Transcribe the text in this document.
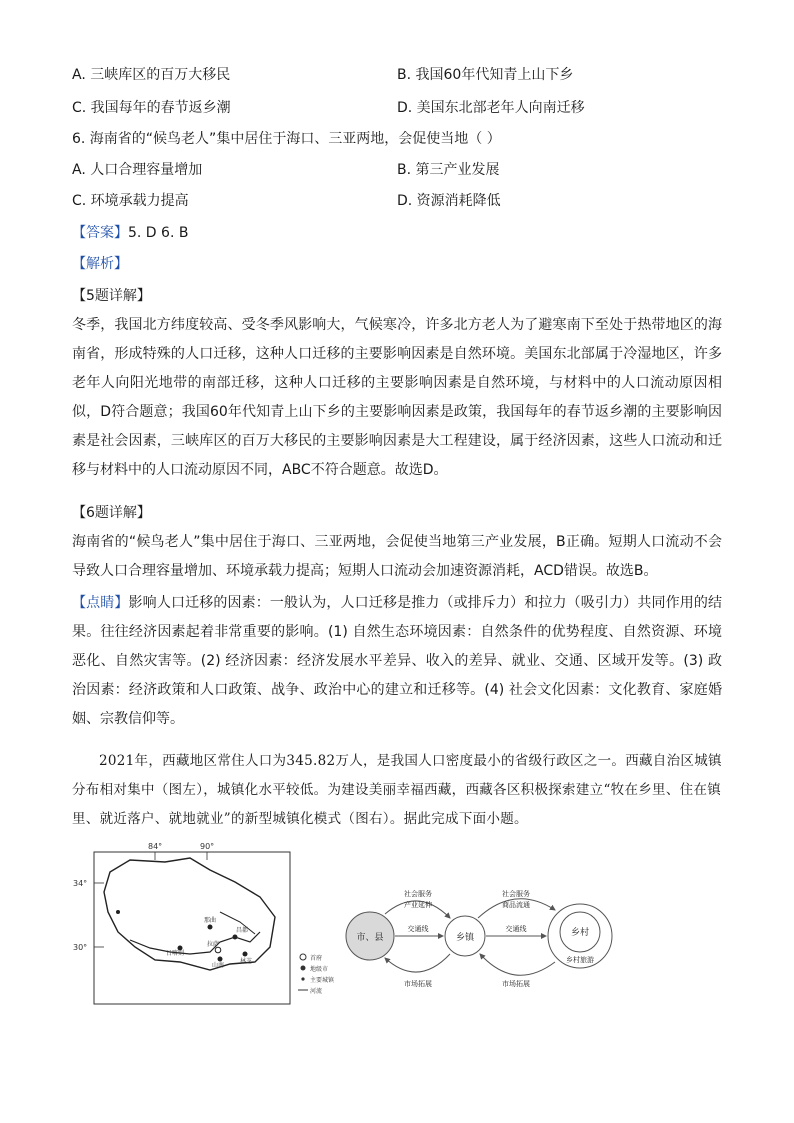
A. 三峡库区的百万大移民	B. 我国60年代知青上山下乡
C. 我国每年的春节返乡潮	D. 美国东北部老年人向南迁移
6. 海南省的“候鸟老人”集中居住于海口、三亚两地，会促使当地（ ）
A. 人口合理容量增加	B. 第三产业发展
C. 环境承载力提高	D. 资源消耗降低
【答案】5. D 6. B
【解析】
【5题详解】
冬季，我国北方纬度较高、受冬季风影响大，气候寒冷，许多北方老人为了避寒南下至处于热带地区的海南省，形成特殊的人口迁移，这种人口迁移的主要影响因素是自然环境。美国东北部属于冷湿地区，许多老年人向阳光地带的南部迁移，这种人口迁移的主要影响因素是自然环境，与材料中的人口流动原因相似，D符合题意；我国60年代知青上山下乡的主要影响因素是政策，我国每年的春节返乡潮的主要影响因素是社会因素，三峡库区的百万大移民的主要影响因素是大工程建设，属于经济因素，这些人口流动和迁移与材料中的人口流动原因不同，ABC不符合题意。故选D。
【6题详解】
海南省的“候鸟老人”集中居住于海口、三亚两地，会促使当地第三产业发展，B正确。短期人口流动不会导致人口合理容量增加、环境承载力提高；短期人口流动会加速资源消耗，ACD错误。故选B。
【点睛】影响人口迁移的因素：一般认为，人口迁移是推力（或排斥力）和拉力（吸引力）共同作用的结果。往往经济因素起着非常重要的影响。(1) 自然生态环境因素：自然条件的优势程度、自然资源、环境恶化、自然灾害等。(2) 经济因素：经济发展水平差异、收入的差异、就业、交通、区域开发等。(3) 政治因素：经济政策和人口政策、战争、政治中心的建立和迁移等。(4) 社会文化因素：文化教育、家庭婚姻、宗教信仰等。
2021年，西藏地区常住人口为345.82万人，是我国人口密度最小的省级行政区之一。西藏自治区城镇分布相对集中（图左），城镇化水平较低。为建设美丽幸福西藏，西藏各区积极探索建立“牧在乡里、住在镇里、就近落户、就地就业”的新型城镇化模式（图右）。据此完成下面小题。
84°	90°
34°
30°
那曲
昌都
拉萨
林芝
日喀则
山南
首府
地级市
主要城镇
河流
市、县	乡镇	乡村
乡村旅游
社会服务
产业延伸
社会服务
商品流通
交通线	交通线
市场拓展	市场拓展
